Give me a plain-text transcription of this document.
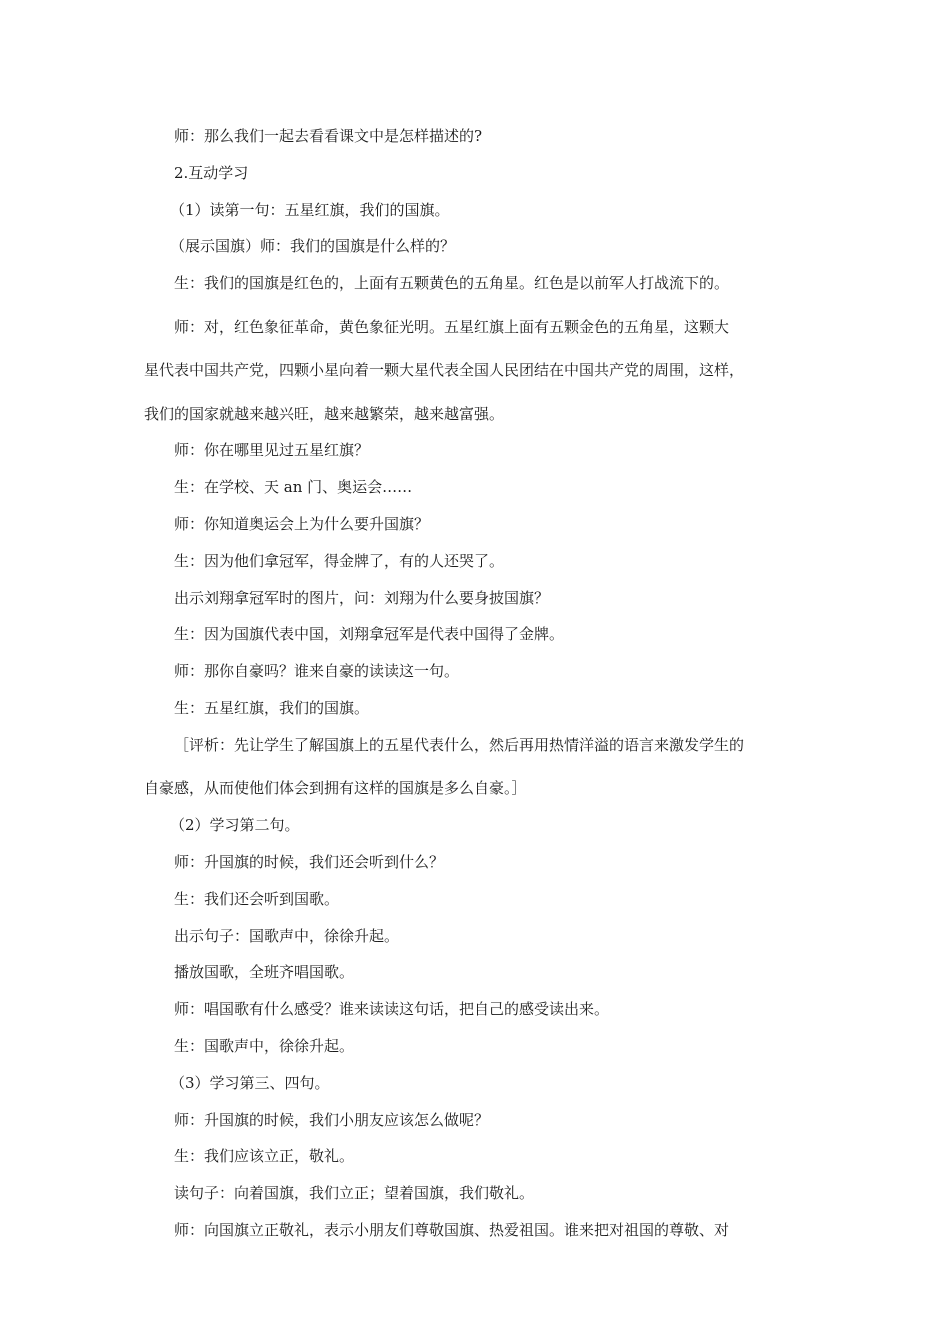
师：那么我们一起去看看课文中是怎样描述的?
2.互动学习
（1）读第一句：五星红旗，我们的国旗。
（展示国旗）师：我们的国旗是什么样的？
生：我们的国旗是红色的，上面有五颗黄色的五角星。红色是以前军人打战流下的。
师：对，红色象征革命，黄色象征光明。五星红旗上面有五颗金色的五角星，这颗大
星代表中国共产党，四颗小星向着一颗大星代表全国人民团结在中国共产党的周围，这样，
我们的国家就越来越兴旺，越来越繁荣，越来越富强。
师：你在哪里见过五星红旗？
生：在学校、天 an 门、奥运会……
师：你知道奥运会上为什么要升国旗？
生：因为他们拿冠军，得金牌了，有的人还哭了。
出示刘翔拿冠军时的图片，问：刘翔为什么要身披国旗？
生：因为国旗代表中国，刘翔拿冠军是代表中国得了金牌。
师：那你自豪吗？谁来自豪的读读这一句。
生：五星红旗，我们的国旗。
［评析：先让学生了解国旗上的五星代表什么，然后再用热情洋溢的语言来激发学生的
自豪感，从而使他们体会到拥有这样的国旗是多么自豪。］
（2）学习第二句。
师：升国旗的时候，我们还会听到什么？
生：我们还会听到国歌。
出示句子：国歌声中，徐徐升起。
播放国歌，全班齐唱国歌。
师：唱国歌有什么感受？谁来读读这句话，把自己的感受读出来。
生：国歌声中，徐徐升起。
（3）学习第三、四句。
师：升国旗的时候，我们小朋友应该怎么做呢？
生：我们应该立正，敬礼。
读句子：向着国旗，我们立正；望着国旗，我们敬礼。
师：向国旗立正敬礼，表示小朋友们尊敬国旗、热爱祖国。谁来把对祖国的尊敬、对
